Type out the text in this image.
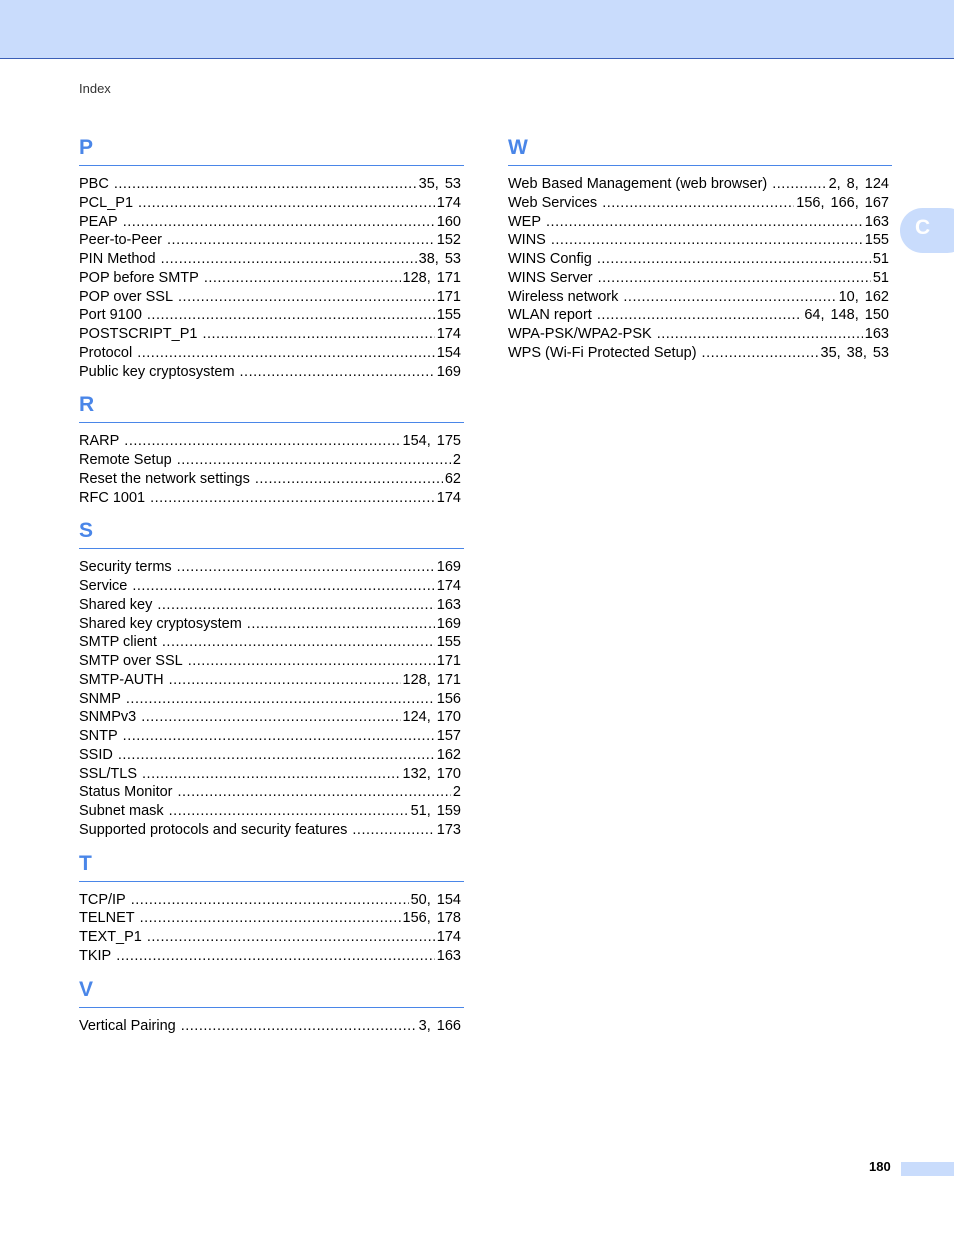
Index
C
P
PBC .....	35, 53
PCL_P1 .....	174
PEAP .....	160
Peer-to-Peer .....	152
PIN Method .....	38, 53
POP before SMTP .....	128, 171
POP over SSL .....	171
Port 9100 .....	155
POSTSCRIPT_P1 .....	174
Protocol .....	154
Public key cryptosystem .....	169
R
RARP .....	154, 175
Remote Setup .....	2
Reset the network settings .....	62
RFC 1001 .....	174
S
Security terms .....	169
Service .....	174
Shared key .....	163
Shared key cryptosystem .....	169
SMTP client .....	155
SMTP over SSL .....	171
SMTP-AUTH .....	128, 171
SNMP .....	156
SNMPv3 .....	124, 170
SNTP .....	157
SSID .....	162
SSL/TLS .....	132, 170
Status Monitor .....	2
Subnet mask .....	51, 159
Supported protocols and security features .....	173
T
TCP/IP .....	50, 154
TELNET .....	156, 178
TEXT_P1 .....	174
TKIP .....	163
V
Vertical Pairing .....	3, 166
W
Web Based Management (web browser) .....	2, 8, 124
Web Services .....	156, 166, 167
WEP .....	163
WINS .....	155
WINS Config .....	51
WINS Server .....	51
Wireless network .....	10, 162
WLAN report .....	64, 148, 150
WPA-PSK/WPA2-PSK .....	163
WPS (Wi-Fi Protected Setup) .....	35, 38, 53
180
